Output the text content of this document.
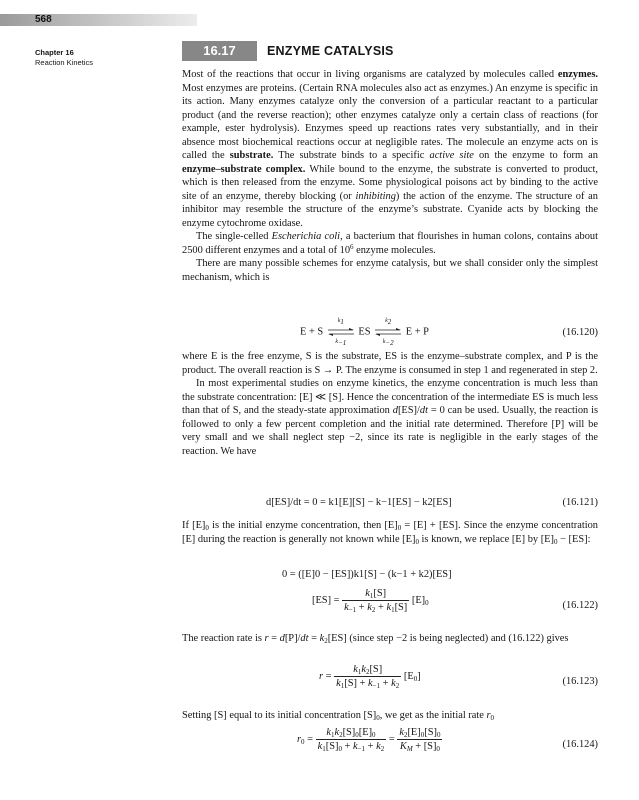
568
Chapter 16
Reaction Kinetics
16.17	ENZYME CATALYSIS

Most of the reactions that occur in living organisms are catalyzed by molecules called enzymes. Most enzymes are proteins. (Certain RNA molecules also act as enzymes.) An enzyme is specific in its action. Many enzymes catalyze only the conversion of a particular reactant to a particular product (and the reverse reaction); other enzymes catalyze only a certain class of reactions (for example, ester hydrolysis). Enzymes speed up reactions rates very substantially, and in their absence most biochemical reactions occur at negligible rates. The molecule an enzyme acts on is called the substrate. The substrate binds to a specific active site on the enzyme to form an enzyme–substrate complex. While bound to the enzyme, the substrate is converted to product, which is then released from the enzyme. Some physiological poisons act by binding to the active site of an enzyme, thereby blocking (or inhibiting) the action of the enzyme. The structure of an inhibitor may resemble the structure of the enzyme’s substrate. Cyanide acts by blocking the enzyme cytochrome oxidase.

The single-celled Escherichia coli, a bacterium that flourishes in human colons, contains about 2500 different enzymes and a total of $10^6$ enzyme molecules.

There are many possible schemes for enzyme catalysis, but we shall consider only the simplest mechanism, which is

E + S
$k_1$
$k_{-1}$
ES
$k_2$
$k_{-2}$
E + P	(16.120)

where E is the free enzyme, S is the substrate, ES is the enzyme–substrate complex, and P is the product. The overall reaction is S → P. The enzyme is consumed in step 1 and regenerated in step 2.

In most experimental studies on enzyme kinetics, the enzyme concentration is much less than the substrate concentration: [E] ≪ [S]. Hence the concentration of the intermediate ES is much less than that of S, and the steady-state approximation d[ES]/dt = 0 can be used. Usually, the reaction is followed to only a few percent completion and the initial rate determined. Therefore [P] will be very small and we shall neglect step −2, since its rate is negligible in the early stages of the reaction. We have

d[ES]/dt = 0 = k1[E][S] − k−1[ES] − k2[ES]	(16.121)

If $[E]_0$ is the initial enzyme concentration, then $[E]_0 = [E] + [ES]$. Since the enzyme concentration [E] during the reaction is generally not known while $[E]_0$ is known, we replace [E] by $[E]_0 - [ES]$:

0 = ([E]0 − [ES])k1[S] − (k−1 + k2)[ES]
$[ES] = \frac{k_1[S]}{k_{-1} + k_2 + k_1[S]} [E]_0$	(16.122)

The reaction rate is $r = d[P]/dt = k_2[ES]$ (since step −2 is being neglected) and (16.122) gives

$r = \frac{k_1k_2[S]}{k_1[S] + k_{-1} + k_2} [E_0]$	(16.123)

Setting [S] equal to its initial concentration $[S]_0$, we get as the initial rate $r_0$

$r_0 = \frac{k_1k_2[S]_0[E]_0}{k_1[S]_0 + k_{-1} + k_2} = \frac{k_2[E]_0[S]_0}{K_M + [S]_0}$	(16.124)
